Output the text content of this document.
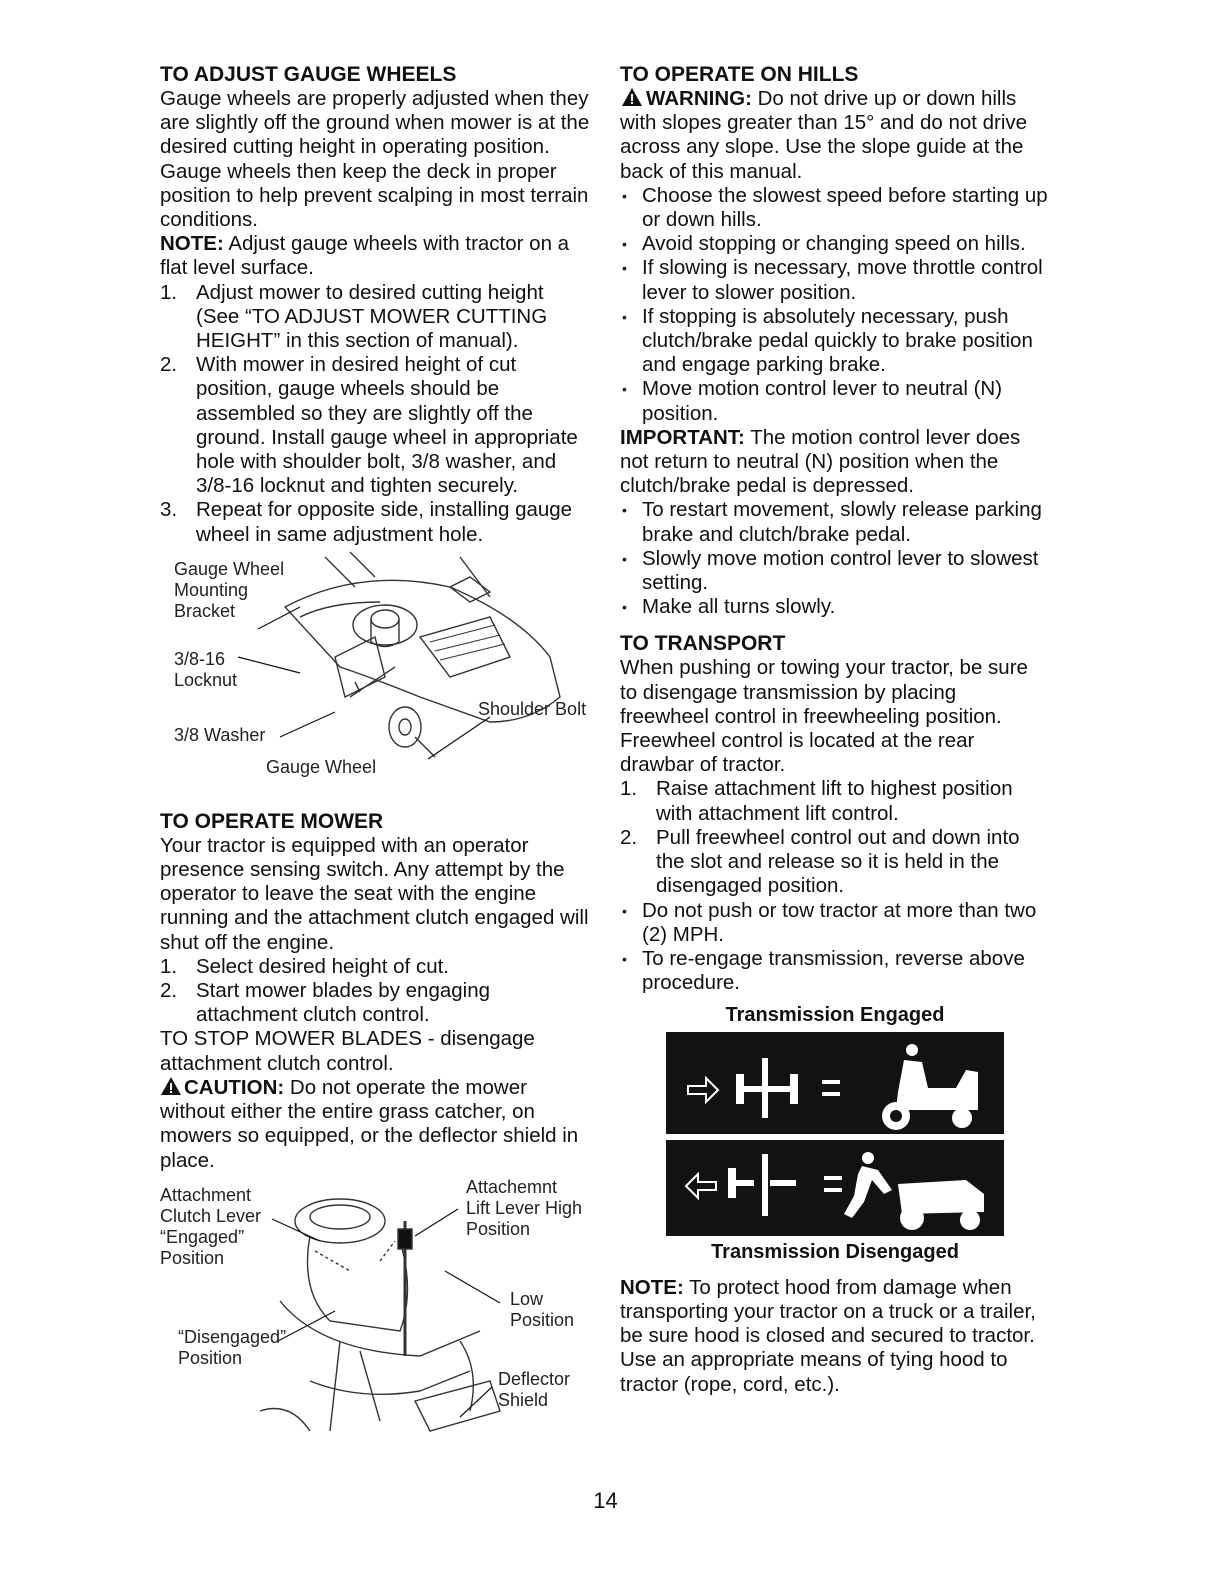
TO ADJUST GAUGE WHEELS

Gauge wheels are properly adjusted when they are slightly off the ground when mower is at the desired cutting height in operating position. Gauge wheels then keep the deck in proper position to help prevent scalping in most terrain conditions.

NOTE: Adjust gauge wheels with tractor on a flat level surface.

1. Adjust mower to desired cutting height (See “TO ADJUST MOWER CUTTING HEIGHT” in this section of manual).
2. With mower in desired height of cut position, gauge wheels should be assembled so they are slightly off the ground. Install gauge wheel in appropriate hole with shoulder bolt, 3/8 washer, and 3/8-16 locknut and tighten securely.
3. Repeat for opposite side, installing gauge wheel in same adjustment hole.
Gauge Wheel Mounting Bracket
3/8-16 Locknut
3/8 Washer
Shoulder Bolt
Gauge Wheel
TO OPERATE MOWER

Your tractor is equipped with an operator presence sensing switch. Any attempt by the operator to leave the seat with the engine running and the attachment clutch engaged will shut off the engine.

1. Select desired height of cut.
2. Start mower blades by engaging attachment clutch control.

TO STOP MOWER BLADES - disengage attachment clutch control.

CAUTION: Do not operate the mower without either the entire grass catcher, on mowers so equipped, or the deflector shield in place.

Attachment Clutch Lever “Engaged” Position
“Disengaged” Position
Attachemnt Lift Lever High Position
Low Position
Deflector Shield
TO OPERATE ON HILLS

WARNING: Do not drive up or down hills with slopes greater than 15° and do not drive across any slope. Use the slope guide at the back of this manual.

• Choose the slowest speed before starting up or down hills.
• Avoid stopping or changing speed on hills.
• If slowing is necessary, move throttle control lever to slower position.
• If stopping is absolutely necessary, push clutch/brake pedal quickly to brake position and engage parking brake.
• Move motion control lever to neutral (N) position.

IMPORTANT: The motion control lever does not return to neutral (N) position when the clutch/brake pedal is depressed.

• To restart movement, slowly release parking brake and clutch/brake pedal.
• Slowly move motion control lever to slowest setting.
• Make all turns slowly.
TO TRANSPORT

When pushing or towing your tractor, be sure to disengage transmission by placing freewheel control in freewheeling position. Freewheel control is located at the rear drawbar of tractor.

1. Raise attachment lift to highest position with attachment lift control.
2. Pull freewheel control out and down into the slot and release so it is held in the disengaged position.
• Do not push or tow tractor at more than two (2) MPH.
• To re-engage transmission, reverse above procedure.
Transmission Engaged
Transmission Disengaged

NOTE: To protect hood from damage when transporting your tractor on a truck or a trailer, be sure hood is closed and secured to tractor. Use an appropriate means of tying hood to tractor (rope, cord, etc.).

14
